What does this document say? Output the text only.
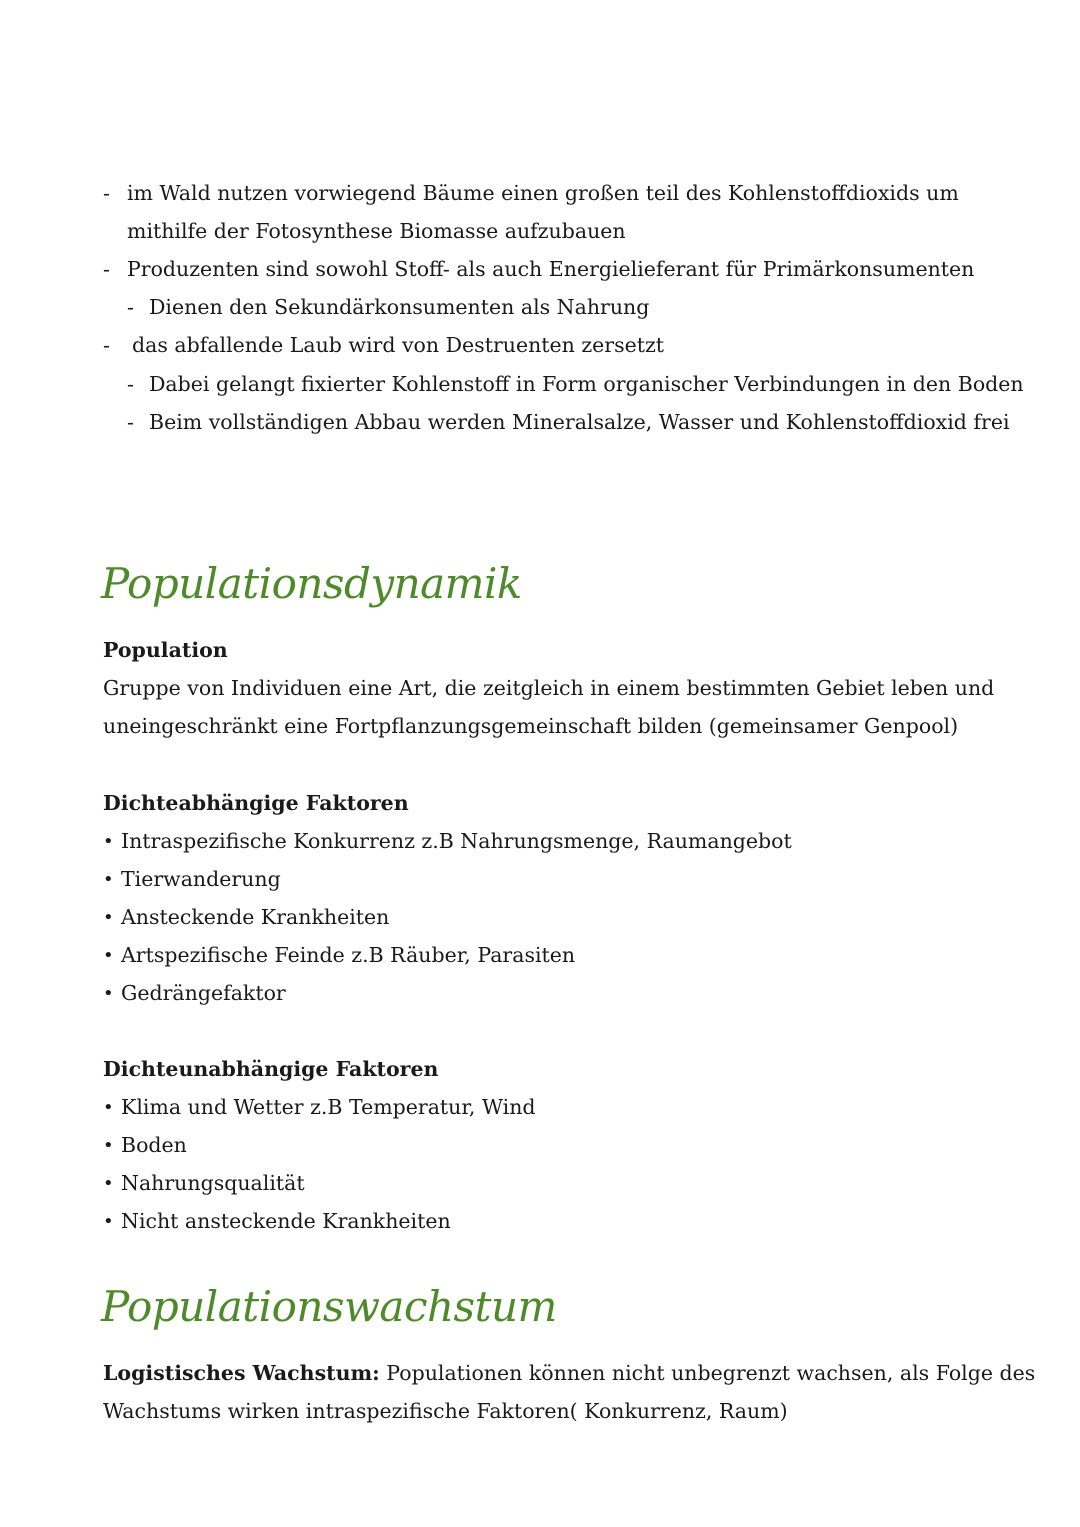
- im Wald nutzen vorwiegend Bäume einen großen teil des Kohlenstoffdioxids um
mithilfe der Fotosynthese Biomasse aufzubauen
- Produzenten sind sowohl Stoff- als auch Energielieferant für Primärkonsumenten
- Dienen den Sekundärkonsumenten als Nahrung
- das abfallende Laub wird von Destruenten zersetzt
- Dabei gelangt fixierter Kohlenstoff in Form organischer Verbindungen in den Boden
- Beim vollständigen Abbau werden Mineralsalze, Wasser und Kohlenstoffdioxid frei
Populationsdynamik
Population
Gruppe von Individuen eine Art, die zeitgleich in einem bestimmten Gebiet leben und
uneingeschränkt eine Fortpflanzungsgemeinschaft bilden (gemeinsamer Genpool)
Dichteabhängige Faktoren
• Intraspezifische Konkurrenz z.B Nahrungsmenge, Raumangebot
• Tierwanderung
• Ansteckende Krankheiten
• Artspezifische Feinde z.B Räuber, Parasiten
• Gedrängefaktor
Dichteunabhängige Faktoren
• Klima und Wetter z.B Temperatur, Wind
• Boden
• Nahrungsqualität
• Nicht ansteckende Krankheiten
Populationswachstum
Logistisches Wachstum: Populationen können nicht unbegrenzt wachsen, als Folge des
Wachstums wirken intraspezifische Faktoren( Konkurrenz, Raum)
